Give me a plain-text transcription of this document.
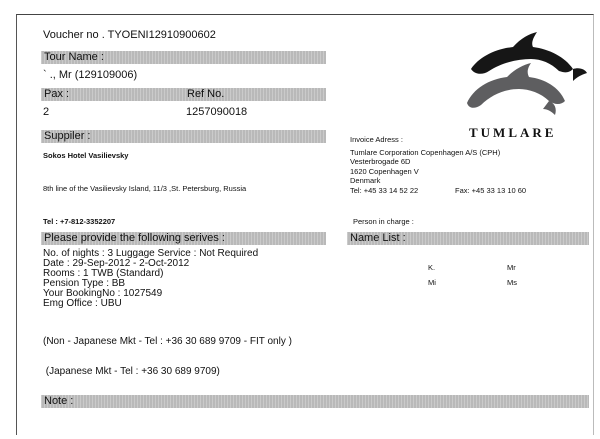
Voucher no . TYOENI12910900602
Tour Name :
` ., Mr (129109006)
Pax :	Ref No.
2	1257090018
TUMLARE
Suppiler :
Sokos Hotel Vasilievsky
8th line of the Vasilievsky Island, 11/3 ,St. Petersburg, Russia
Tel : +7-812-3352207
Invoice Adress :
Tumlare Corporation Copenhagen A/S (CPH)
Vesterbrogade 6D
1620 Copenhagen V
Denmark
Tel: +45 33 14 52 22	Fax: +45 33 13 10 60
Person in charge :
Please provide the following serives :
No. of nights : 3 Luggage Service : Not Required
Date : 29-Sep-2012 - 2-Oct-2012
Rooms : 1 TWB (Standard)
Pension Type : BB
Your BookingNo : 1027549
Emg Office : UBU

(Non - Japanese Mkt - Tel : +36 30 689 9709 - FIT only )

(Japanese Mkt - Tel : +36 30 689 9709)

Name List :
K.	Mr
Mi	Ms
Note :
